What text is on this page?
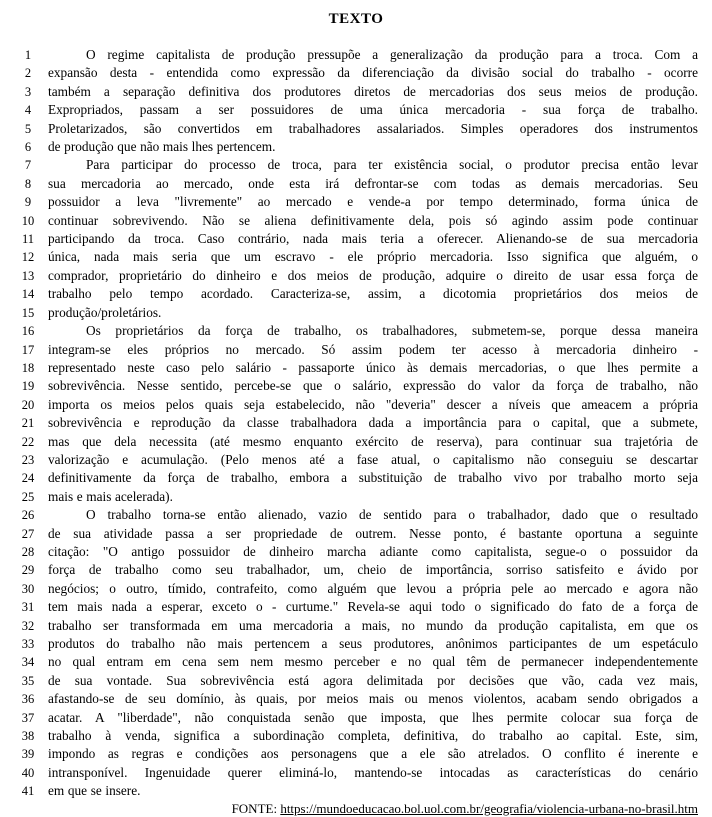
TEXTO
1	O regime capitalista de produção pressupõe a generalização da produção para a troca. Com a
2	expansão desta - entendida como expressão da diferenciação da divisão social do trabalho - ocorre
3	também a separação definitiva dos produtores diretos de mercadorias dos seus meios de produção.
4	Expropriados, passam a ser possuidores de uma única mercadoria - sua força de trabalho.
5	Proletarizados, são convertidos em trabalhadores assalariados. Simples operadores dos instrumentos
6	de produção que não mais lhes pertencem.
7	Para participar do processo de troca, para ter existência social, o produtor precisa então levar
8	sua mercadoria ao mercado, onde esta irá defrontar-se com todas as demais mercadorias. Seu
9	possuidor a leva "livremente" ao mercado e vende-a por tempo determinado, forma única de
10	continuar sobrevivendo. Não se aliena definitivamente dela, pois só agindo assim pode continuar
11	participando da troca. Caso contrário, nada mais teria a oferecer. Alienando-se de sua mercadoria
12	única, nada mais seria que um escravo - ele próprio mercadoria. Isso significa que alguém, o
13	comprador, proprietário do dinheiro e dos meios de produção, adquire o direito de usar essa força de
14	trabalho pelo tempo acordado. Caracteriza-se, assim, a dicotomia proprietários dos meios de
15	produção/proletários.
16	Os proprietários da força de trabalho, os trabalhadores, submetem-se, porque dessa maneira
17	integram-se eles próprios no mercado. Só assim podem ter acesso à mercadoria dinheiro -
18	representado neste caso pelo salário - passaporte único às demais mercadorias, o que lhes permite a
19	sobrevivência. Nesse sentido, percebe-se que o salário, expressão do valor da força de trabalho, não
20	importa os meios pelos quais seja estabelecido, não "deveria" descer a níveis que ameacem a própria
21	sobrevivência e reprodução da classe trabalhadora dada a importância para o capital, que a submete,
22	mas que dela necessita (até mesmo enquanto exército de reserva), para continuar sua trajetória de
23	valorização e acumulação. (Pelo menos até a fase atual, o capitalismo não conseguiu se descartar
24	definitivamente da força de trabalho, embora a substituição de trabalho vivo por trabalho morto seja
25	mais e mais acelerada).
26	O trabalho torna-se então alienado, vazio de sentido para o trabalhador, dado que o resultado
27	de sua atividade passa a ser propriedade de outrem. Nesse ponto, é bastante oportuna a seguinte
28	citação: "O antigo possuidor de dinheiro marcha adiante como capitalista, segue-o o possuidor da
29	força de trabalho como seu trabalhador, um, cheio de importância, sorriso satisfeito e ávido por
30	negócios; o outro, tímido, contrafeito, como alguém que levou a própria pele ao mercado e agora não
31	tem mais nada a esperar, exceto o - curtume." Revela-se aqui todo o significado do fato de a força de
32	trabalho ser transformada em uma mercadoria a mais, no mundo da produção capitalista, em que os
33	produtos do trabalho não mais pertencem a seus produtores, anônimos participantes de um espetáculo
34	no qual entram em cena sem nem mesmo perceber e no qual têm de permanecer independentemente
35	de sua vontade. Sua sobrevivência está agora delimitada por decisões que vão, cada vez mais,
36	afastando-se de seu domínio, às quais, por meios mais ou menos violentos, acabam sendo obrigados a
37	acatar. A "liberdade", não conquistada senão que imposta, que lhes permite colocar sua força de
38	trabalho à venda, significa a subordinação completa, definitiva, do trabalho ao capital. Este, sim,
39	impondo as regras e condições aos personagens que a ele são atrelados. O conflito é inerente e
40	intransponível. Ingenuidade querer eliminá-lo, mantendo-se intocadas as características do cenário
41	em que se insere.
FONTE: https://mundoeducacao.bol.uol.com.br/geografia/violencia-urbana-no-brasil.htm
